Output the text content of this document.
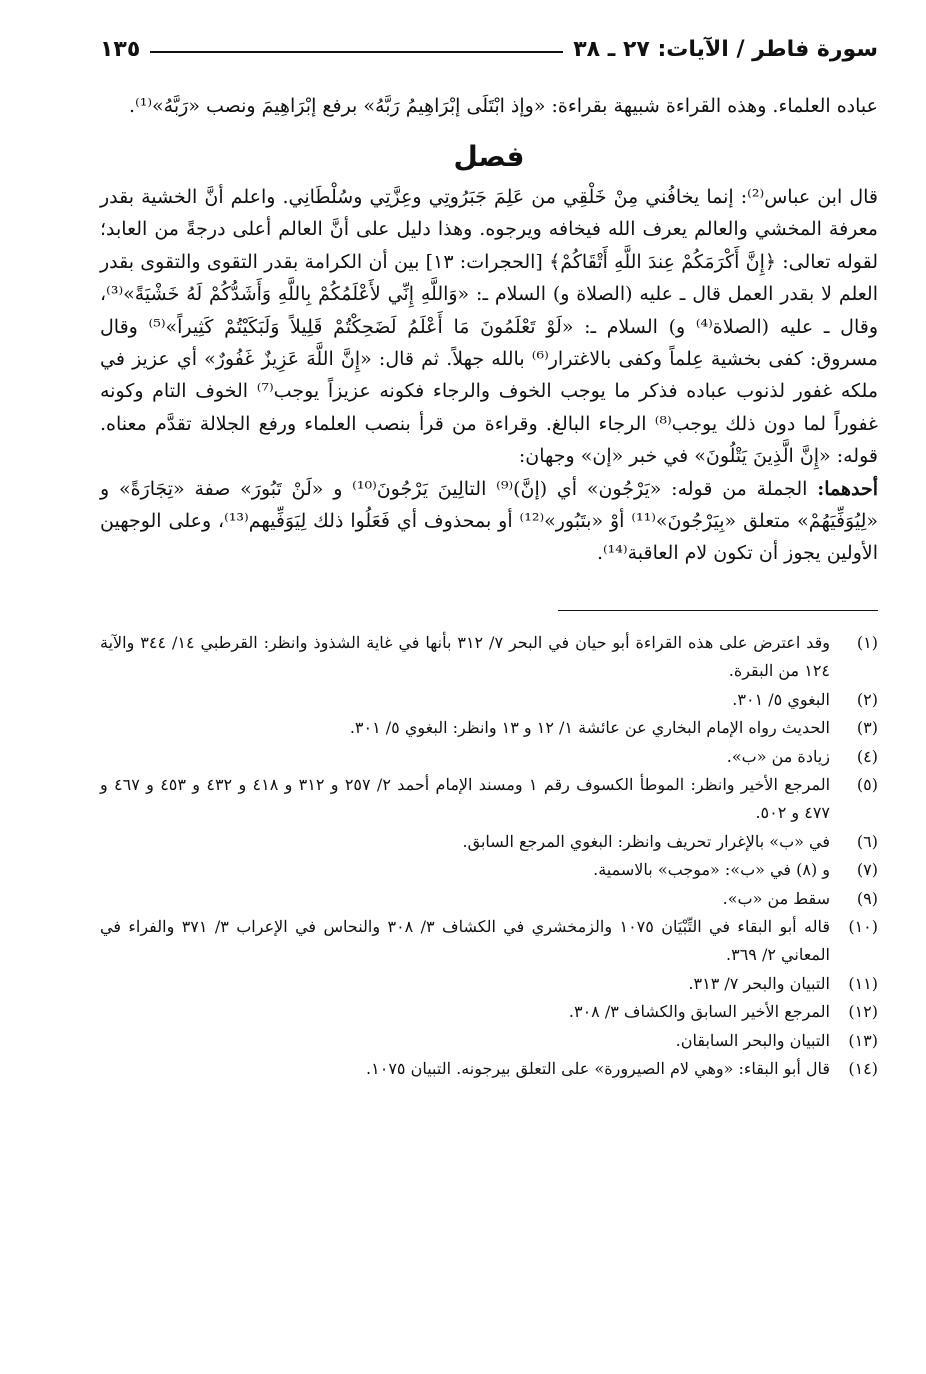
سورة فاطر / الآيات: ٢٧ ـ ٣٨
١٣٥
عباده العلماء. وهذه القراءة شبيهة بقراءة: «وإذ ابْتَلَى إبْرَاهِيمُ رَبَّهُ» برفع إبْرَاهِيمَ ونصب «رَبَّهُ»⁽¹⁾.
فصل

قال ابن عباس⁽²⁾: إنما يخافُني مِنْ خَلْقِي من عَلِمَ جَبَرُوتِي وعِزَّتِي وسُلْطَانِي. واعلم أنَّ الخشية بقدر معرفة المخشي والعالم يعرف الله فيخافه ويرجوه. وهذا دليل على أنَّ العالم أعلى درجةً من العابد؛ لقوله تعالى: ﴿إِنَّ أَكْرَمَكُمْ عِندَ اللَّهِ أَتْقَاكُمْ﴾ [الحجرات: ١٣] بين أن الكرامة بقدر التقوى والتقوى بقدر العلم لا بقدر العمل قال ـ عليه (الصلاة و) السلام ـ: «وَاللَّهِ إِنِّي لأَعْلَمُكُمْ بِاللَّهِ وَأَشَدُّكُمْ لَهُ خَشْيَةً»⁽³⁾، وقال ـ عليه (الصلاة⁽⁴⁾ و) السلام ـ: «لَوْ تَعْلَمُونَ مَا أَعْلَمُ لَضَحِكْتُمْ قَلِيلاً وَلَبَكَيْتُمْ كَثِيراً»⁽⁵⁾ وقال مسروق: كفى بخشية عِلماً وكفى بالاغترار⁽⁶⁾ بالله جهلاً. ثم قال: «إِنَّ اللَّهَ عَزِيزٌ غَفُورٌ» أي عزيز في ملكه غفور لذنوب عباده فذكر ما يوجب الخوف والرجاء فكونه عزيزاً يوجب⁽⁷⁾ الخوف التام وكونه غفوراً لما دون ذلك يوجب⁽⁸⁾ الرجاء البالغ. وقراءة من قرأ بنصب العلماء ورفع الجلالة تقدَّم معناه. قوله: «إِنَّ الَّذِينَ يَتْلُونَ» في خبر «إن» وجهان:

أحدهما: الجملة من قوله: «يَرْجُون» أي (إنَّ)⁽⁹⁾ التالِينَ يَرْجُونَ⁽¹⁰⁾ و «لَنْ تَبُورَ» صفة «تِجَارَةً» و «لِيُوَفِّيَهُمْ» متعلق «بِيَرْجُونَ»⁽¹¹⁾ أوْ «بتَبُور»⁽¹²⁾ أو بمحذوف أي فَعَلُوا ذلك لِيَوَفِّيهم⁽¹³⁾، وعلى الوجهين الأولين يجوز أن تكون لام العاقبة⁽¹⁴⁾.

(١)
وقد اعترض على هذه القراءة أبو حيان في البحر ٧/ ٣١٢ بأنها في غاية الشذوذ وانظر: القرطبي ١٤/ ٣٤٤ والآية ١٢٤ من البقرة.
(٢)
البغوي ٥/ ٣٠١.
(٣)
الحديث رواه الإمام البخاري عن عائشة ١/ ١٢ و ١٣ وانظر: البغوي ٥/ ٣٠١.
(٤)
زيادة من «ب».
(٥)
المرجع الأخير وانظر: الموطأ الكسوف رقم ١ ومسند الإمام أحمد ٢/ ٢٥٧ و ٣١٢ و ٤١٨ و ٤٣٢ و ٤٥٣ و ٤٦٧ و ٤٧٧ و ٥٠٢.
(٦)
في «ب» بالإغرار تحريف وانظر: البغوي المرجع السابق.
(٧)
و (٨) في «ب»: «موجب» بالاسمية.
(٩)
سقط من «ب».
(١٠)
قاله أبو البقاء في التِّبْيَان ١٠٧٥ والزمخشري في الكشاف ٣/ ٣٠٨ والنحاس في الإعراب ٣/ ٣٧١ والفراء في المعاني ٢/ ٣٦٩.
(١١)
التبيان والبحر ٧/ ٣١٣.
(١٢)
المرجع الأخير السابق والكشاف ٣/ ٣٠٨.
(١٣)
التبيان والبحر السابقان.
(١٤)
قال أبو البقاء: «وهي لام الصيرورة» على التعلق بيرجونه. التبيان ١٠٧٥.
